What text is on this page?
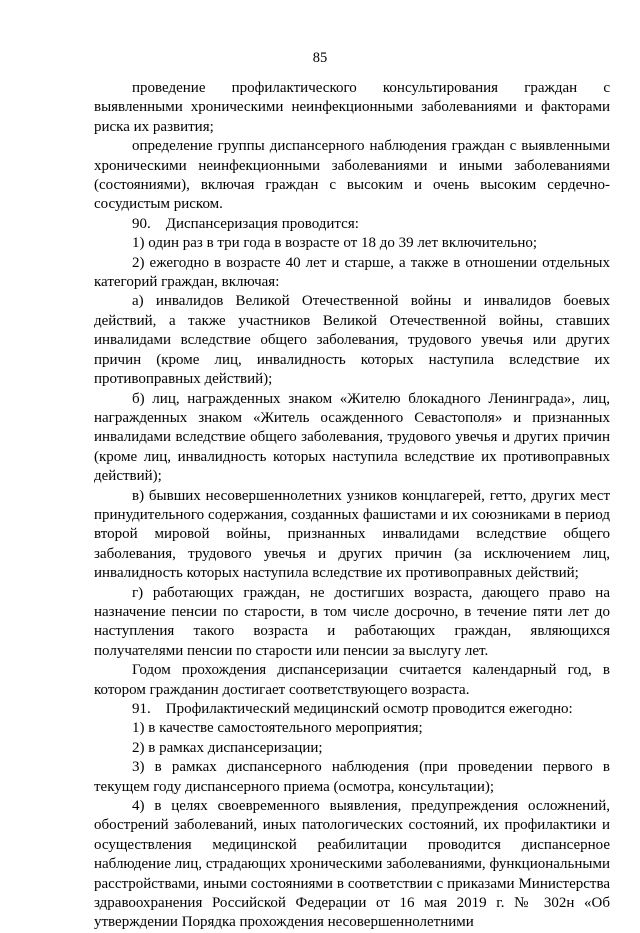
85

проведение профилактического консультирования граждан с выявленными хроническими неинфекционными заболеваниями и факторами риска их развития;

определение группы диспансерного наблюдения граждан с выявленными хроническими неинфекционными заболеваниями и иными заболеваниями (состояниями), включая граждан с высоким и очень высоким сердечно-сосудистым риском.

90. Диспансеризация проводится:

1) один раз в три года в возрасте от 18 до 39 лет включительно;

2) ежегодно в возрасте 40 лет и старше, а также в отношении отдельных категорий граждан, включая:

а) инвалидов Великой Отечественной войны и инвалидов боевых действий, а также участников Великой Отечественной войны, ставших инвалидами вследствие общего заболевания, трудового увечья или других причин (кроме лиц, инвалидность которых наступила вследствие их противоправных действий);

б) лиц, награжденных знаком «Жителю блокадного Ленинграда», лиц, награжденных знаком «Житель осажденного Севастополя» и признанных инвалидами вследствие общего заболевания, трудового увечья и других причин (кроме лиц, инвалидность которых наступила вследствие их противоправных действий);

в) бывших несовершеннолетних узников концлагерей, гетто, других мест принудительного содержания, созданных фашистами и их союзниками в период второй мировой войны, признанных инвалидами вследствие общего заболевания, трудового увечья и других причин (за исключением лиц, инвалидность которых наступила вследствие их противоправных действий;

г) работающих граждан, не достигших возраста, дающего право на назначение пенсии по старости, в том числе досрочно, в течение пяти лет до наступления такого возраста и работающих граждан, являющихся получателями пенсии по старости или пенсии за выслугу лет.

Годом прохождения диспансеризации считается календарный год, в котором гражданин достигает соответствующего возраста.

91. Профилактический медицинский осмотр проводится ежегодно:

1) в качестве самостоятельного мероприятия;

2) в рамках диспансеризации;

3) в рамках диспансерного наблюдения (при проведении первого в текущем году диспансерного приема (осмотра, консультации);

4) в целях своевременного выявления, предупреждения осложнений, обострений заболеваний, иных патологических состояний, их профилактики и осуществления медицинской реабилитации проводится диспансерное наблюдение лиц, страдающих хроническими заболеваниями, функциональными расстройствами, иными состояниями в соответствии с приказами Министерства здравоохранения Российской Федерации от 16 мая 2019 г. № 302н «Об утверждении Порядка прохождения несовершеннолетними
